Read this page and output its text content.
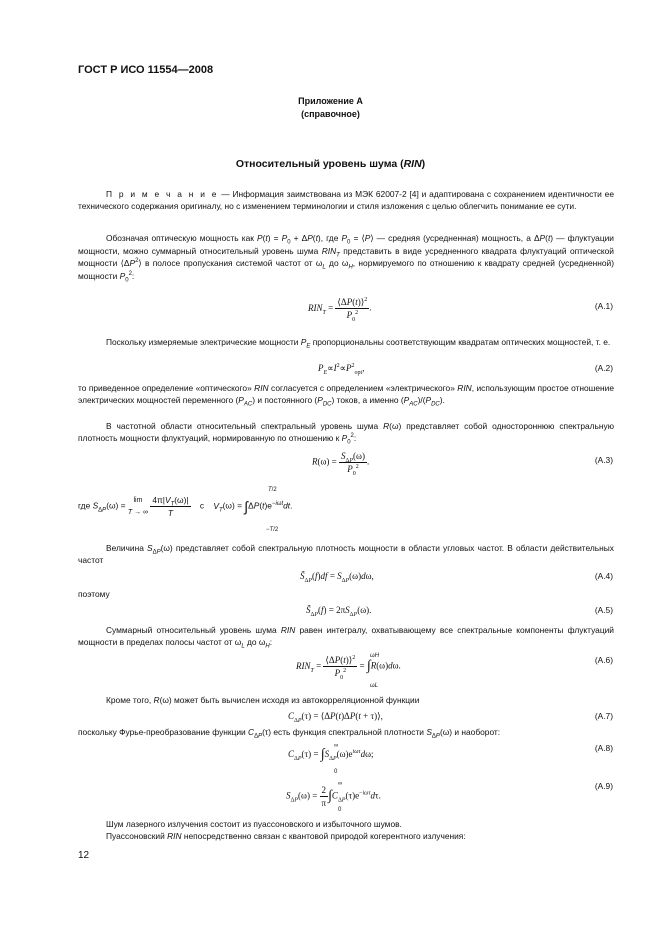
ГОСТ Р ИСО 11554—2008
Приложение А
(справочное)
Относительный уровень шума (RIN)
П р и м е ч а н и е — Информация заимствована из МЭК 62007-2 [4] и адаптирована с сохранением идентичности ее технического содержания оригиналу, но с изменением терминологии и стиля изложения с целью облегчить понимание ее сути.
Обозначая оптическую мощность как $P(t) = P_0 + \Delta P(t)$, где $P_0$ = ⟨P⟩ — средняя (усредненная) мощность, а ΔP(t) — флуктуации мощности, можно суммарный относительный уровень шума $RIN_T$ представить в виде усредненного квадрата флуктуаций оптической мощности $⟨\Delta P^2⟩$ в полосе пропускания системой частот от $\omega_L$ до $\omega_H$, нормируемого по отношению к квадрату средней (усредненной) мощности $P_0^2$:
$RIN_T = \frac{⟨\Delta P(t)⟩^2}{P_0^2}$ .	(A.1)
Поскольку измеряемые электрические мощности $P_E$ пропорциональны соответствующим квадратам оптических мощностей, т. е.
$P_E\propto I^2\propto P^2_{opt}$,	(A.2)
то приведенное определение «оптического» RIN согласуется с определением «электрического» RIN, использующим простое отношение электрических мощностей переменного $(P_{AC})$ и постоянного $(P_{DC})$ токов, а именно $(P_{AC})/(P_{DC})$.
В частотной области относительный спектральный уровень шума R(ω) представляет собой одностороннюю спектральную плотность мощности флуктуаций, нормированную по отношению к $P_0^2$:
$R(\omega) = \frac{S_{\Delta P}(\omega)}{P_0^2}$ .	(A.3)
где $S_{\Delta P}(\omega)$ =
lim
T → ∞
$\frac{4\pi|V_T(\omega)|}{T}$ с $V_T(\omega) = \int\Delta P(t)e^{-i\omega t}dt$.
T/2
−T/2
Величина $S_{\Delta P}(\omega)$ представляет собой спектральную плотность мощности в области угловых частот. В области действительных частот
$S̃_{\Delta P}(f)df = S_{\Delta P}(\omega)d\omega$,	(A.4)
поэтому
$S̃_{\Delta P}(f) = 2\pi S_{\Delta P}(\omega)$.	(A.5)
Суммарный относительный уровень шума RIN равен интегралу, охватывающему все спектральные компоненты флуктуаций мощности в пределах полосы частот от $\omega_L$ до $\omega_H$:
$RIN_T = \frac{⟨\Delta P(t)⟩^2}{P_0^2} = \int R(\omega)d\omega$.
ωH
ωL
(A.6)
Кроме того, R(ω) может быть вычислен исходя из автокорреляционной функции
$C_{\Delta P}(\tau)$ = ⟨ΔP(t)ΔP(t + τ)⟩,	(A.7)
поскольку Фурье-преобразование функции $C_{\Delta P}(\tau)$ есть функция спектральной плотности $S_{\Delta P}(\omega)$ и наоборот:
$C_{\Delta P}(\tau) = \int S_{\Delta P}(\omega)e^{i\omega\tau}d\omega$;
∞
0
(A.8)
$S_{\Delta P}(\omega) = \frac{2}{\pi} \int C_{\Delta P}(\tau)e^{-i\omega\tau}d\tau$.
∞
0
(A.9)
Шум лазерного излучения состоит из пуассоновского и избыточного шумов.
Пуассоновский RIN непосредственно связан с квантовой природой когерентного излучения:
12
